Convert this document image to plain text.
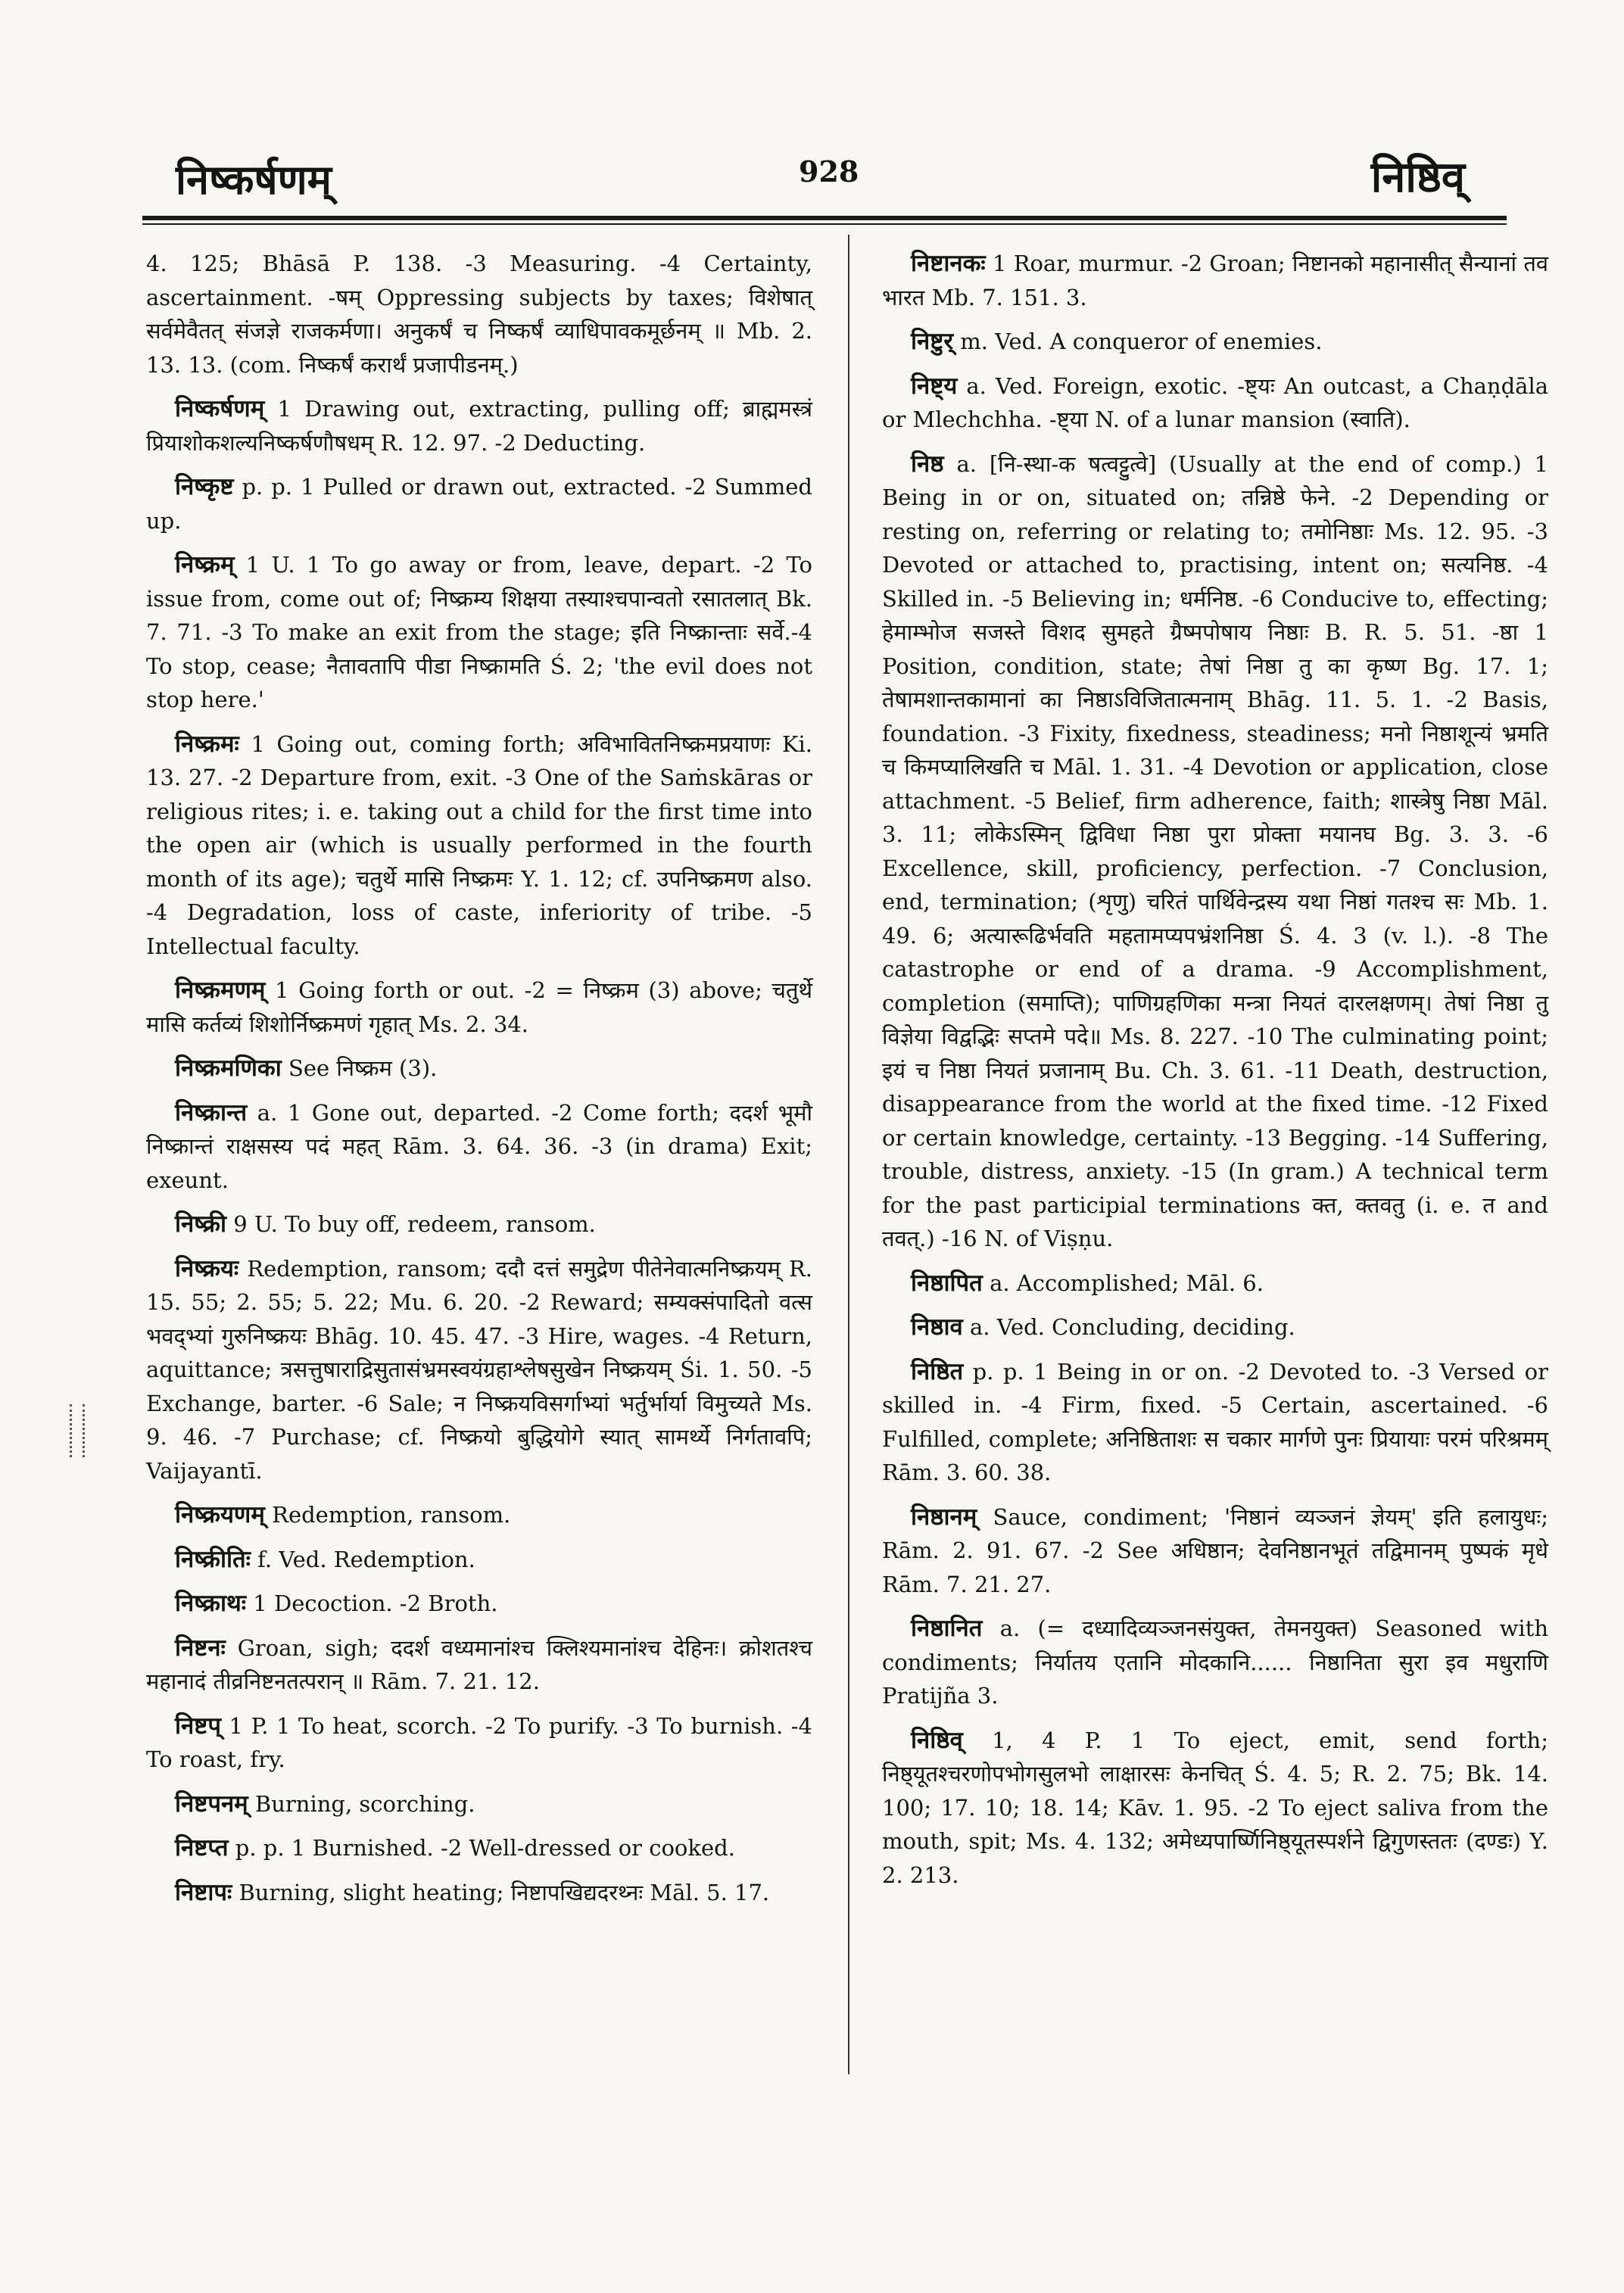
निष्कर्षणम्	928	निष्ठिव्

4. 125; Bhāsā P. 138. -3 Measuring. -4 Certainty, ascertainment. -षम् Oppressing subjects by taxes; विशेषात् सर्वमेवैतत् संजज्ञे राजकर्मणा। अनुकर्षं च निष्कर्षं व्याधिपावकमूर्छनम् ॥ Mb. 2. 13. 13. (com. निष्कर्षं करार्थं प्रजापीडनम्.)

निष्कर्षणम् 1 Drawing out, extracting, pulling off; ब्राह्ममस्त्रं प्रियाशोकशल्यनिष्कर्षणौषधम् R. 12. 97. -2 Deducting.

निष्कृष्ट p. p. 1 Pulled or drawn out, extracted. -2 Summed up.

निष्क्रम् 1 U. 1 To go away or from, leave, depart. -2 To issue from, come out of; निष्क्रम्य शिक्षया तस्याश्चपान्वतो रसातलात् Bk. 7. 71. -3 To make an exit from the stage; इति निष्क्रान्ताः सर्वे.-4 To stop, cease; नैतावतापि पीडा निष्क्रामति Ś. 2; 'the evil does not stop here.'

निष्क्रमः 1 Going out, coming forth; अविभावितनिष्क्रमप्रयाणः Ki. 13. 27. -2 Departure from, exit. -3 One of the Saṁskāras or religious rites; i. e. taking out a child for the first time into the open air (which is usually performed in the fourth month of its age); चतुर्थे मासि निष्क्रमः Y. 1. 12; cf. उपनिष्क्रमण also. -4 Degradation, loss of caste, inferiority of tribe. -5 Intellectual faculty.

निष्क्रमणम् 1 Going forth or out. -2 = निष्क्रम (3) above; चतुर्थे मासि कर्तव्यं शिशोर्निष्क्रमणं गृहात् Ms. 2. 34.

निष्क्रमणिका See निष्क्रम (3).

निष्क्रान्त a. 1 Gone out, departed. -2 Come forth; ददर्श भूमौ निष्क्रान्तं राक्षसस्य पदं महत् Rām. 3. 64. 36. -3 (in drama) Exit; exeunt.

निष्क्री 9 U. To buy off, redeem, ransom.

निष्क्रयः Redemption, ransom; ददौ दत्तं समुद्रेण पीतेनेवात्मनिष्क्रयम् R. 15. 55; 2. 55; 5. 22; Mu. 6. 20. -2 Reward; सम्यक्संपादितो वत्स भवद्भ्यां गुरुनिष्क्रयः Bhāg. 10. 45. 47. -3 Hire, wages. -4 Return, aquittance; त्रसत्तुषाराद्रिसुतासंभ्रमस्वयंग्रहाश्लेषसुखेन निष्क्रयम् Śi. 1. 50. -5 Exchange, barter. -6 Sale; न निष्क्रयविसर्गाभ्यां भर्तुर्भार्या विमुच्यते Ms. 9. 46. -7 Purchase; cf. निष्क्रयो बुद्धियोगे स्यात् सामर्थ्ये निर्गतावपि; Vaijayantī.

निष्क्रयणम् Redemption, ransom.

निष्क्रीतिः f. Ved. Redemption.

निष्क्राथः 1 Decoction. -2 Broth.

निष्टनः Groan, sigh; ददर्श वध्यमानांश्च क्लिश्यमानांश्च देहिनः। क्रोशतश्च महानादं तीव्रनिष्टनतत्परान् ॥ Rām. 7. 21. 12.

निष्टप् 1 P. 1 To heat, scorch. -2 To purify. -3 To burnish. -4 To roast, fry.

निष्टपनम् Burning, scorching.

निष्टप्त p. p. 1 Burnished. -2 Well-dressed or cooked.

निष्टापः Burning, slight heating; निष्टापखिद्यदरथ्नः Māl. 5. 17.

निष्टानकः 1 Roar, murmur. -2 Groan; निष्टानको महानासीत् सैन्यानां तव भारत Mb. 7. 151. 3.

निष्टुर् m. Ved. A conqueror of enemies.

निष्ट्य a. Ved. Foreign, exotic. -ष्ट्यः An outcast, a Chaṇḍāla or Mlechchha. -ष्ट्या N. of a lunar mansion (स्वाति).

निष्ठ a. [नि-स्था-क षत्वट्टुत्वे] (Usually at the end of comp.) 1 Being in or on, situated on; तन्निष्ठे फेने. -2 Depending or resting on, referring or relating to; तमोनिष्ठाः Ms. 12. 95. -3 Devoted or attached to, practising, intent on; सत्यनिष्ठ. -4 Skilled in. -5 Believing in; धर्मनिष्ठ. -6 Conducive to, effecting; हेमाम्भोज सजस्ते विशद सुमहते ग्रैष्मपोषाय निष्ठाः B. R. 5. 51. -ष्ठा 1 Position, condition, state; तेषां निष्ठा तु का कृष्ण Bg. 17. 1; तेषामशान्तकामानां का निष्ठाऽविजितात्मनाम् Bhāg. 11. 5. 1. -2 Basis, foundation. -3 Fixity, fixedness, steadiness; मनो निष्ठाशून्यं भ्रमति च किमप्यालिखति च Māl. 1. 31. -4 Devotion or application, close attachment. -5 Belief, firm adherence, faith; शास्त्रेषु निष्ठा Māl. 3. 11; लोकेऽस्मिन् द्विविधा निष्ठा पुरा प्रोक्ता मयानघ Bg. 3. 3. -6 Excellence, skill, proficiency, perfection. -7 Conclusion, end, termination; (शृणु) चरितं पार्थिवेन्द्रस्य यथा निष्ठां गतश्च सः Mb. 1. 49. 6; अत्यारूढिर्भवति महतामप्यपभ्रंशनिष्ठा Ś. 4. 3 (v. l.). -8 The catastrophe or end of a drama. -9 Accomplishment, completion (समाप्ति); पाणिग्रहणिका मन्त्रा नियतं दारलक्षणम्। तेषां निष्ठा तु विज्ञेया विद्वद्भिः सप्तमे पदे॥ Ms. 8. 227. -10 The culminating point; इयं च निष्ठा नियतं प्रजानाम् Bu. Ch. 3. 61. -11 Death, destruction, disappearance from the world at the fixed time. -12 Fixed or certain knowledge, certainty. -13 Begging. -14 Suffering, trouble, distress, anxiety. -15 (In gram.) A technical term for the past participial terminations क्त, क्तवतु (i. e. त and तवत्.) -16 N. of Viṣṇu.

निष्ठापित a. Accomplished; Māl. 6.

निष्ठाव a. Ved. Concluding, deciding.

निष्ठित p. p. 1 Being in or on. -2 Devoted to. -3 Versed or skilled in. -4 Firm, fixed. -5 Certain, ascertained. -6 Fulfilled, complete; अनिष्ठिताशः स चकार मार्गणे पुनः प्रियायाः परमं परिश्रमम् Rām. 3. 60. 38.

निष्ठानम् Sauce, condiment; 'निष्ठानं व्यञ्जनं ज्ञेयम्' इति हलायुधः; Rām. 2. 91. 67. -2 See अधिष्ठान; देवनिष्ठानभूतं तद्विमानम् पुष्पकं मृधे Rām. 7. 21. 27.

निष्ठानित a. (= दध्यादिव्यञ्जनसंयुक्त, तेमनयुक्त) Seasoned with condiments; निर्यातय एतानि मोदकानि...... निष्ठानिता सुरा इव मधुराणि Pratijña 3.

निष्ठिव् 1, 4 P. 1 To eject, emit, send forth; निष्ठ्यूतश्चरणोपभोगसुलभो लाक्षारसः केनचित् Ś. 4. 5; R. 2. 75; Bk. 14. 100; 17. 10; 18. 14; Kāv. 1. 95. -2 To eject saliva from the mouth, spit; Ms. 4. 132; अमेध्यपार्ष्णिनिष्ठ्यूतस्पर्शने द्विगुणस्ततः (दण्डः) Y. 2. 213.
